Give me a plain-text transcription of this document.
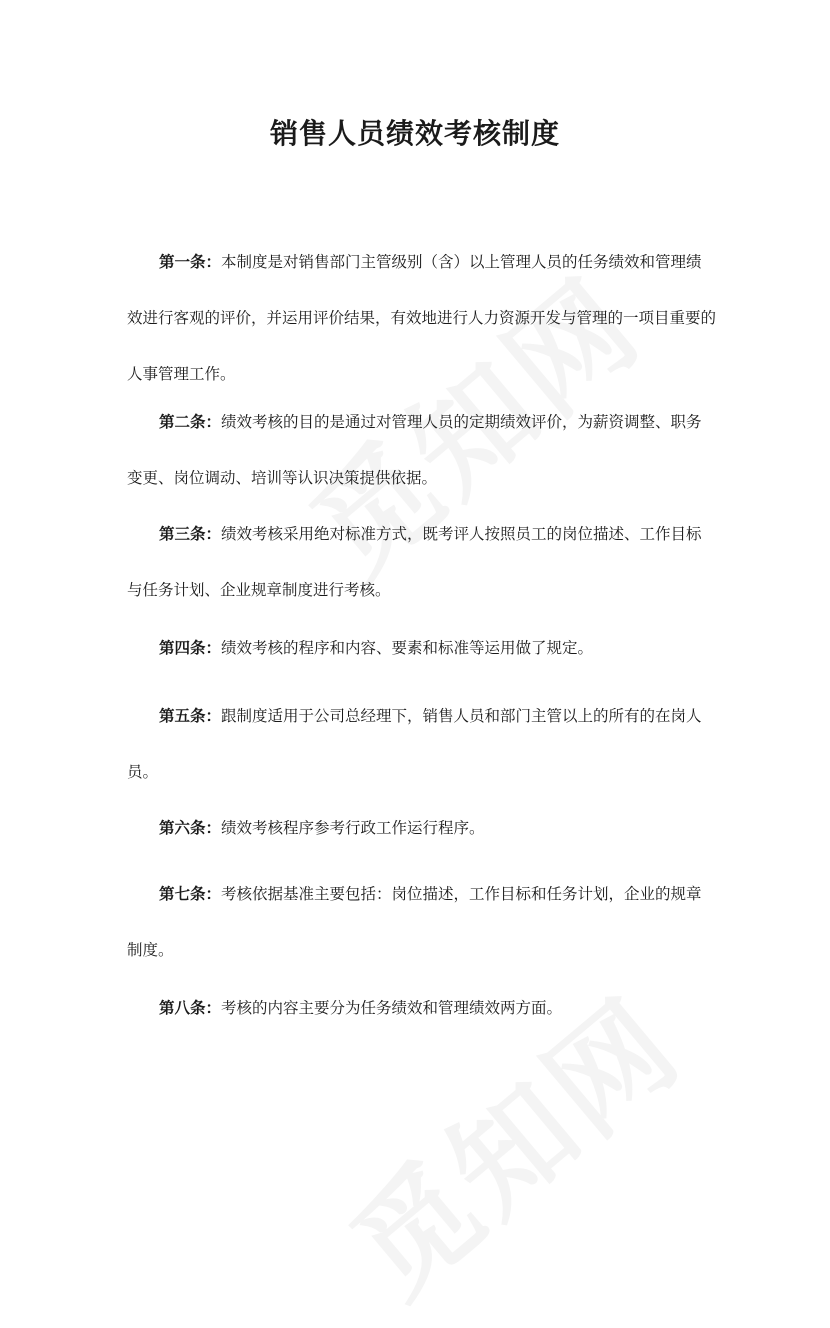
销售人员绩效考核制度

第一条：本制度是对销售部门主管级别（含）以上管理人员的任务绩效和管理绩效进行客观的评价，并运用评价结果，有效地进行人力资源开发与管理的一项目重要的人事管理工作。

第二条：绩效考核的目的是通过对管理人员的定期绩效评价，为薪资调整、职务变更、岗位调动、培训等认识决策提供依据。

第三条：绩效考核采用绝对标准方式，既考评人按照员工的岗位描述、工作目标与任务计划、企业规章制度进行考核。

第四条：绩效考核的程序和内容、要素和标准等运用做了规定。

第五条：跟制度适用于公司总经理下，销售人员和部门主管以上的所有的在岗人员。

第六条：绩效考核程序参考行政工作运行程序。

第七条：考核依据基准主要包括：岗位描述，工作目标和任务计划，企业的规章制度。

第八条：考核的内容主要分为任务绩效和管理绩效两方面。
